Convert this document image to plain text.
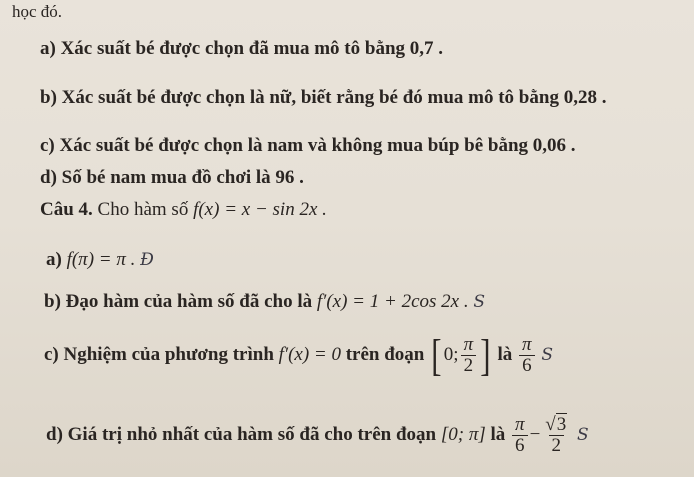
học đó.
a) Xác suất bé được chọn đã mua mô tô bằng 0,7 .
b) Xác suất bé được chọn là nữ, biết rằng bé đó mua mô tô bằng 0,28 .
c) Xác suất bé được chọn là nam và không mua búp bê bằng 0,06 .
d) Số bé nam mua đồ chơi là 96 .
Câu 4. Cho hàm số f(x) = x − sin 2x .
a) f(π) = π . Đ
b) Đạo hàm của hàm số đã cho là f′(x) = 1 + 2cos 2x . S
c) Nghiệm của phương trình f′(x) = 0 trên đoạn [ 0; $\frac{\pi}{2}$ ] là $\frac{\pi}{6}$ S
d) Giá trị nhỏ nhất của hàm số đã cho trên đoạn [0; π] là $\frac{\pi}{6} - \frac{√3}{2}$ S
